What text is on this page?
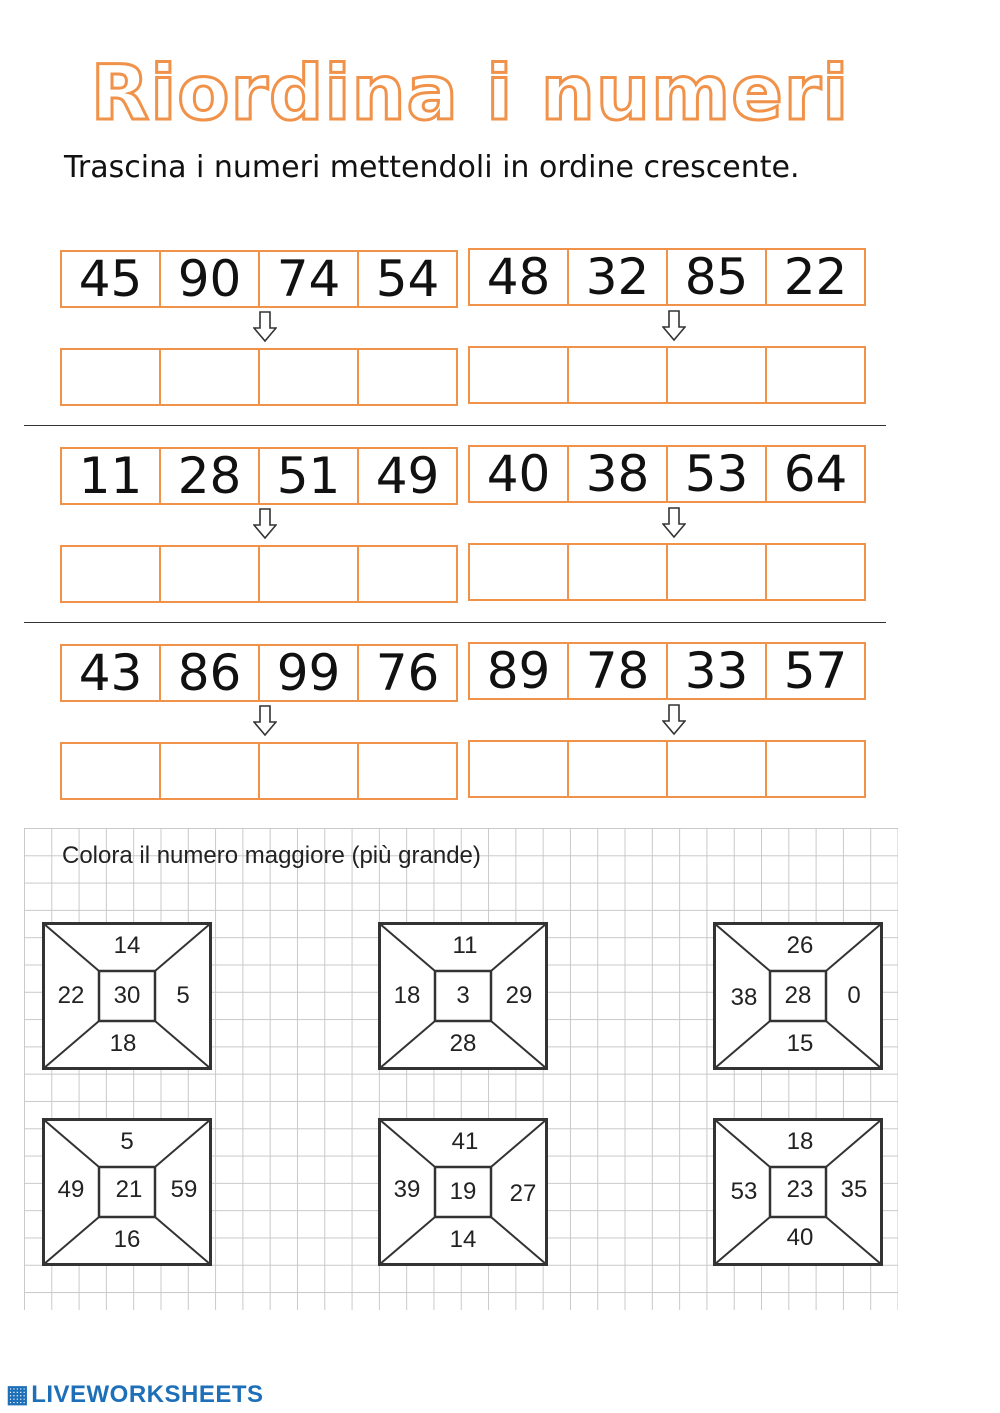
Riordina i numeri
Trascina i numeri mettendoli in ordine crescente.
45 90 74 54 48 32 85 22
11 28 51 49 40 38 53 64
43 86 99 76 89 78 33 57
Colora il numero maggiore (più grande)
14
22	30	5
18
11
18	3	29
28
26
38	28	0
15
5
49	21	59
16
41
39	19	27
14
18
53	23	35
40
▦LIVEWORKSHEETS
